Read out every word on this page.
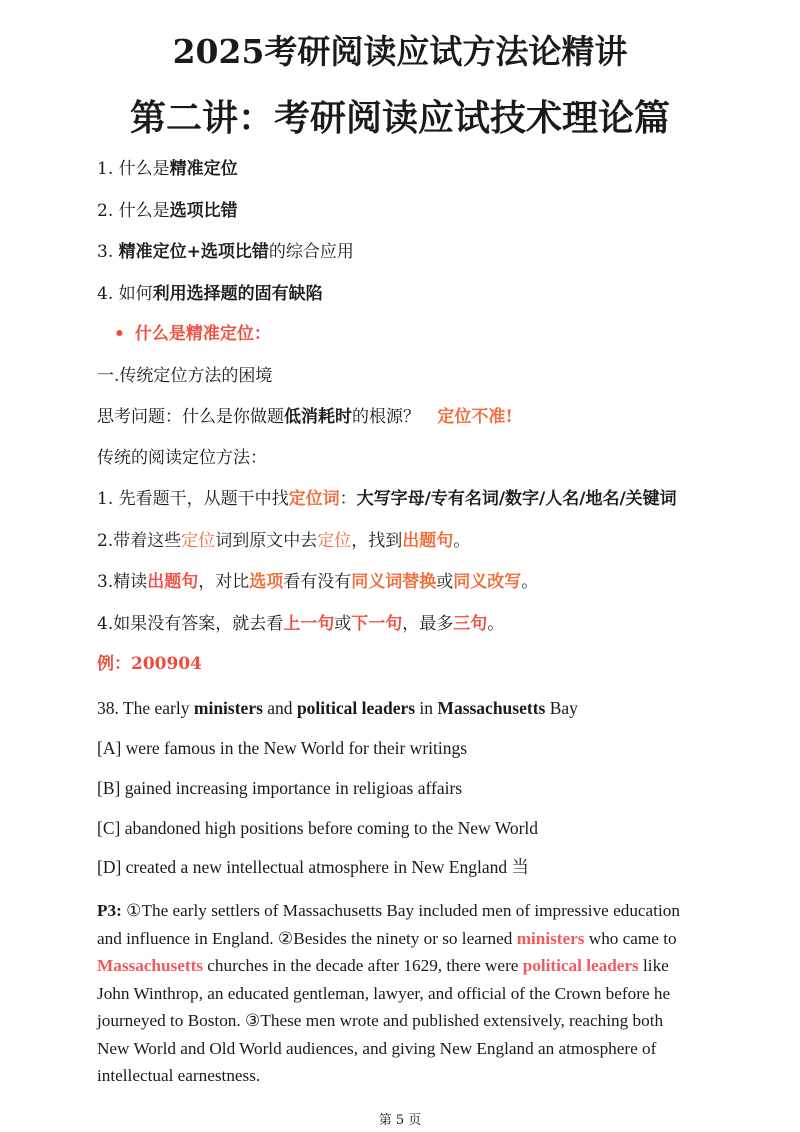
2025考研阅读应试方法论精讲
第二讲：考研阅读应试技术理论篇
1. 什么是精准定位
2. 什么是选项比错
3. 精准定位+选项比错的综合应用
4. 如何利用选择题的固有缺陷
• 什么是精准定位：
一.传统定位方法的困境
思考问题：什么是你做题低消耗时的根源？ 定位不准!
传统的阅读定位方法：
1. 先看题干，从题干中找定位词：大写字母/专有名词/数字/人名/地名/关键词
2.带着这些定位词到原文中去定位，找到出题句。
3.精读出题句，对比选项看有没有同义词替换或同义改写。
4.如果没有答案，就去看上一句或下一句，最多三句。
例：200904
38. The early ministers and political leaders in Massachusetts Bay
[A] were famous in the New World for their writings
[B] gained increasing importance in religioas affairs
[C] abandoned high positions before coming to the New World
[D] created a new intellectual atmosphere in New England 当
P3: ①The early settlers of Massachusetts Bay included men of impressive education
and influence in England. ②Besides the ninety or so learned ministers who came to
Massachusetts churches in the decade after 1629, there were political leaders like
John Winthrop, an educated gentleman, lawyer, and official of the Crown before he
journeyed to Boston. ③These men wrote and published extensively, reaching both
New World and Old World audiences, and giving New England an atmosphere of
intellectual earnestness.
第 5 页
